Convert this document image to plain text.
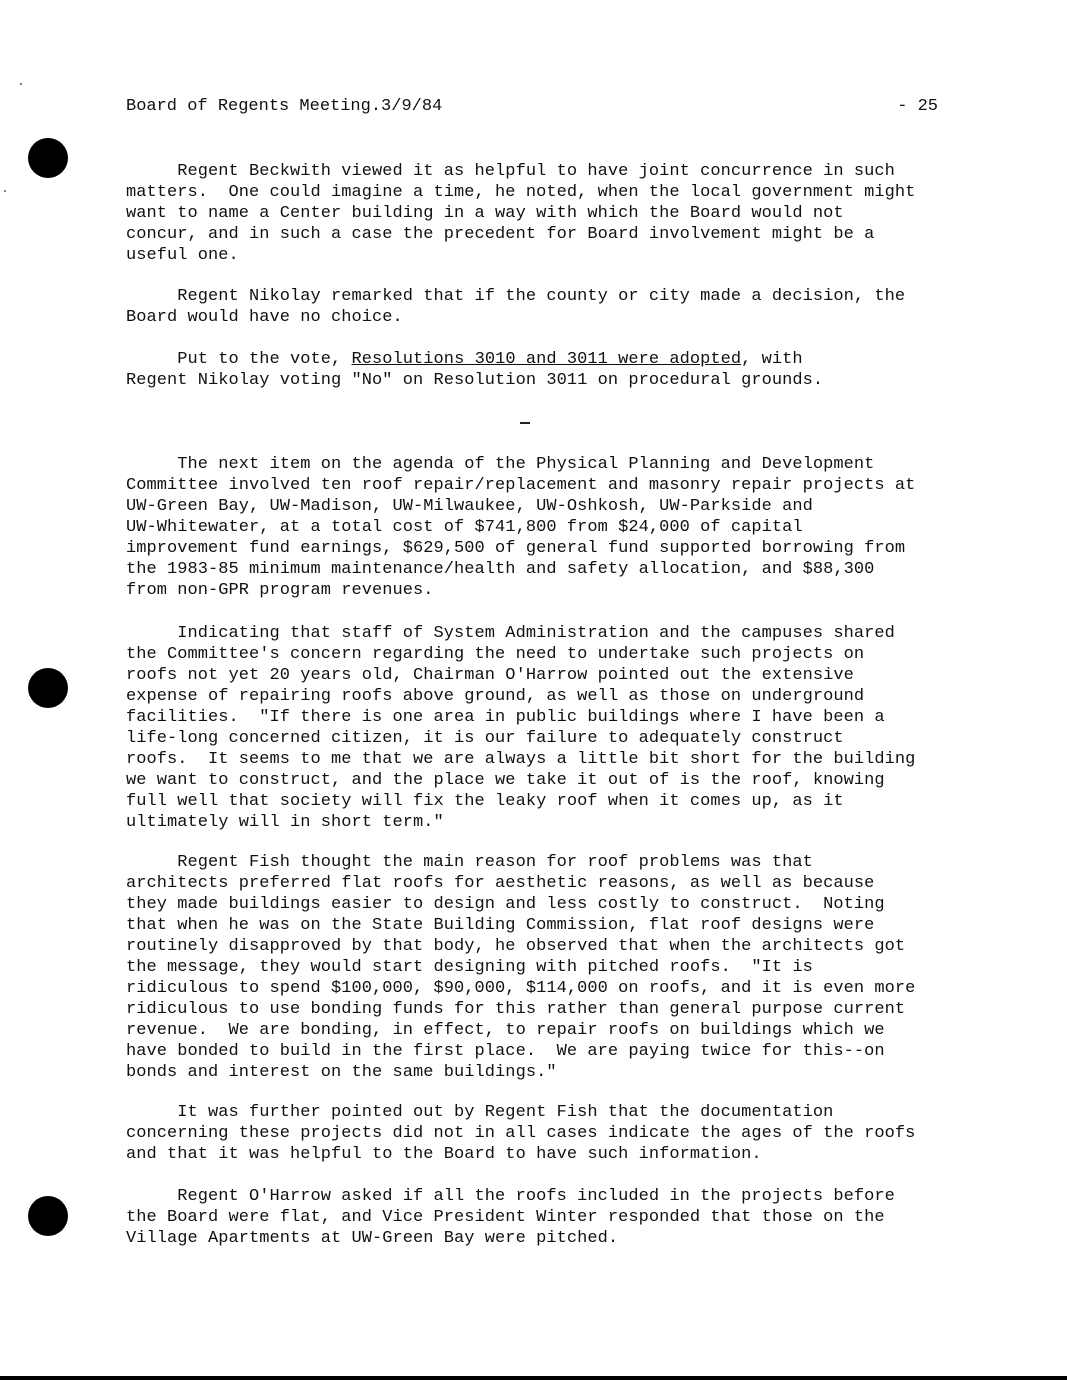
Board of Regents Meeting.3/9/84	- 25

Regent Beckwith viewed it as helpful to have joint concurrence in such
matters.  One could imagine a time, he noted, when the local government might
want to name a Center building in a way with which the Board would not
concur, and in such a case the precedent for Board involvement might be a
useful one.

Regent Nikolay remarked that if the county or city made a decision, the
Board would have no choice.

Put to the vote, Resolutions 3010 and 3011 were adopted, with
Regent Nikolay voting "No" on Resolution 3011 on procedural grounds.

The next item on the agenda of the Physical Planning and Development
Committee involved ten roof repair/replacement and masonry repair projects at
UW-Green Bay, UW-Madison, UW-Milwaukee, UW-Oshkosh, UW-Parkside and
UW-Whitewater, at a total cost of $741,800 from $24,000 of capital
improvement fund earnings, $629,500 of general fund supported borrowing from
the 1983-85 minimum maintenance/health and safety allocation, and $88,300
from non-GPR program revenues.

Indicating that staff of System Administration and the campuses shared
the Committee's concern regarding the need to undertake such projects on
roofs not yet 20 years old, Chairman O'Harrow pointed out the extensive
expense of repairing roofs above ground, as well as those on underground
facilities.  "If there is one area in public buildings where I have been a
life-long concerned citizen, it is our failure to adequately construct
roofs.  It seems to me that we are always a little bit short for the building
we want to construct, and the place we take it out of is the roof, knowing
full well that society will fix the leaky roof when it comes up, as it
ultimately will in short term."

Regent Fish thought the main reason for roof problems was that
architects preferred flat roofs for aesthetic reasons, as well as because
they made buildings easier to design and less costly to construct.  Noting
that when he was on the State Building Commission, flat roof designs were
routinely disapproved by that body, he observed that when the architects got
the message, they would start designing with pitched roofs.  "It is
ridiculous to spend $100,000, $90,000, $114,000 on roofs, and it is even more
ridiculous to use bonding funds for this rather than general purpose current
revenue.  We are bonding, in effect, to repair roofs on buildings which we
have bonded to build in the first place.  We are paying twice for this--on
bonds and interest on the same buildings."

It was further pointed out by Regent Fish that the documentation
concerning these projects did not in all cases indicate the ages of the roofs
and that it was helpful to the Board to have such information.

Regent O'Harrow asked if all the roofs included in the projects before
the Board were flat, and Vice President Winter responded that those on the
Village Apartments at UW-Green Bay were pitched.
